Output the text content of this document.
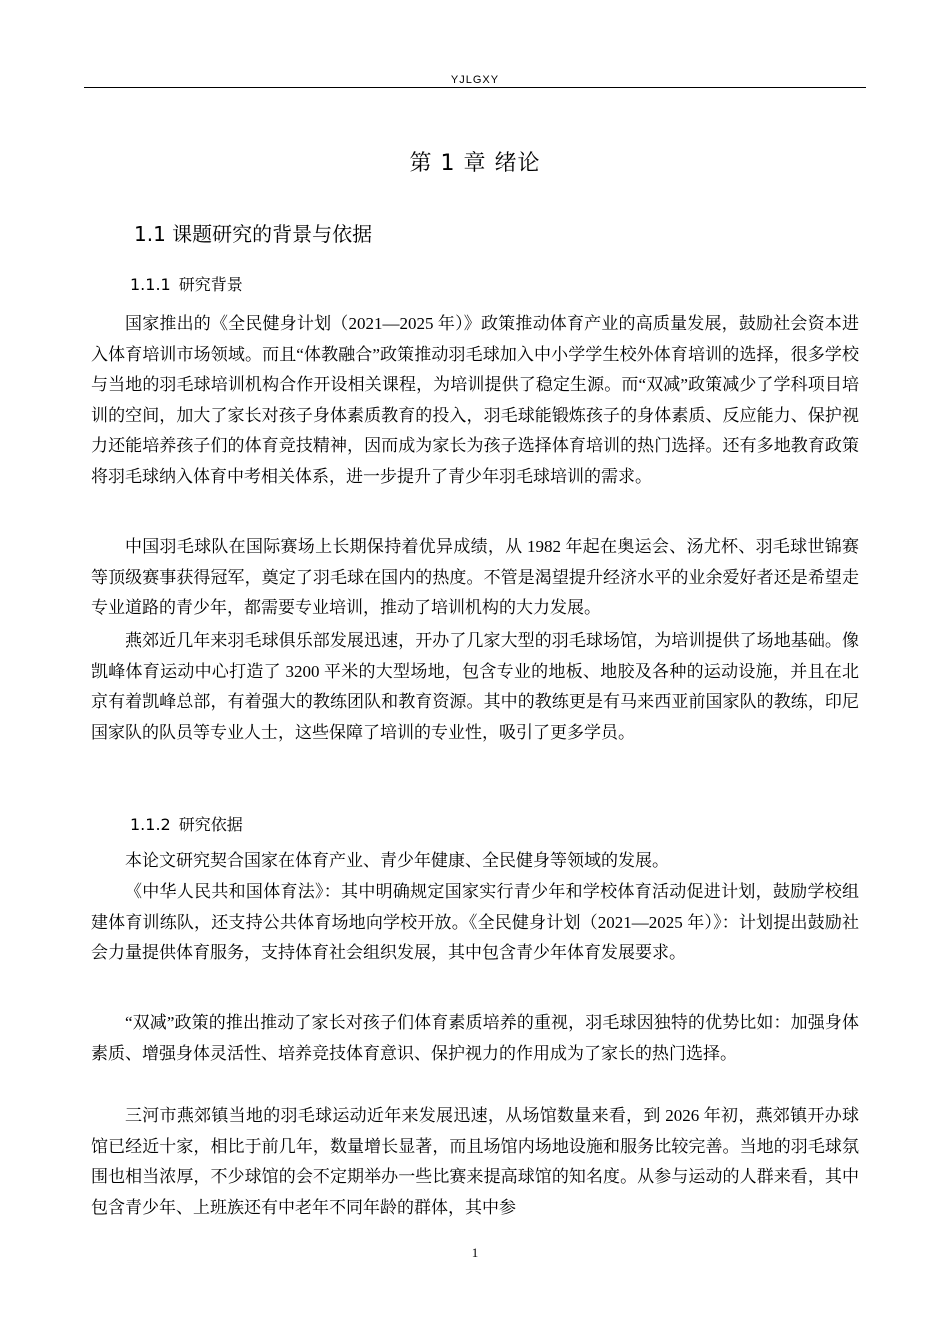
YJLGXY
第 1 章 绪论
1.1 课题研究的背景与依据
1.1.1 研究背景

国家推出的《全民健身计划（2021—2025 年）》政策推动体育产业的高质量发展，鼓励社会资本进入体育培训市场领域。而且“体教融合”政策推动羽毛球加入中小学学生校外体育培训的选择，很多学校与当地的羽毛球培训机构合作开设相关课程，为培训提供了稳定生源。而“双减”政策减少了学科项目培训的空间，加大了家长对孩子身体素质教育的投入，羽毛球能锻炼孩子的身体素质、反应能力、保护视力还能培养孩子们的体育竞技精神，因而成为家长为孩子选择体育培训的热门选择。还有多地教育政策将羽毛球纳入体育中考相关体系，进一步提升了青少年羽毛球培训的需求。

中国羽毛球队在国际赛场上长期保持着优异成绩，从 1982 年起在奥运会、汤尤杯、羽毛球世锦赛等顶级赛事获得冠军，奠定了羽毛球在国内的热度。不管是渴望提升经济水平的业余爱好者还是希望走专业道路的青少年，都需要专业培训，推动了培训机构的大力发展。

燕郊近几年来羽毛球俱乐部发展迅速，开办了几家大型的羽毛球场馆，为培训提供了场地基础。像凯峰体育运动中心打造了 3200 平米的大型场地，包含专业的地板、地胶及各种的运动设施，并且在北京有着凯峰总部，有着强大的教练团队和教育资源。其中的教练更是有马来西亚前国家队的教练，印尼国家队的队员等专业人士，这些保障了培训的专业性，吸引了更多学员。

1.1.2 研究依据

本论文研究契合国家在体育产业、青少年健康、全民健身等领域的发展。

《中华人民共和国体育法》：其中明确规定国家实行青少年和学校体育活动促进计划，鼓励学校组建体育训练队，还支持公共体育场地向学校开放。《全民健身计划（2021—2025 年）》：计划提出鼓励社会力量提供体育服务，支持体育社会组织发展，其中包含青少年体育发展要求。

“双减”政策的推出推动了家长对孩子们体育素质培养的重视，羽毛球因独特的优势比如：加强身体素质、增强身体灵活性、培养竞技体育意识、保护视力的作用成为了家长的热门选择。

三河市燕郊镇当地的羽毛球运动近年来发展迅速，从场馆数量来看，到 2026 年初，燕郊镇开办球馆已经近十家，相比于前几年，数量增长显著，而且场馆内场地设施和服务比较完善。当地的羽毛球氛围也相当浓厚，不少球馆的会不定期举办一些比赛来提高球馆的知名度。从参与运动的人群来看，其中包含青少年、上班族还有中老年不同年龄的群体，其中参

1
